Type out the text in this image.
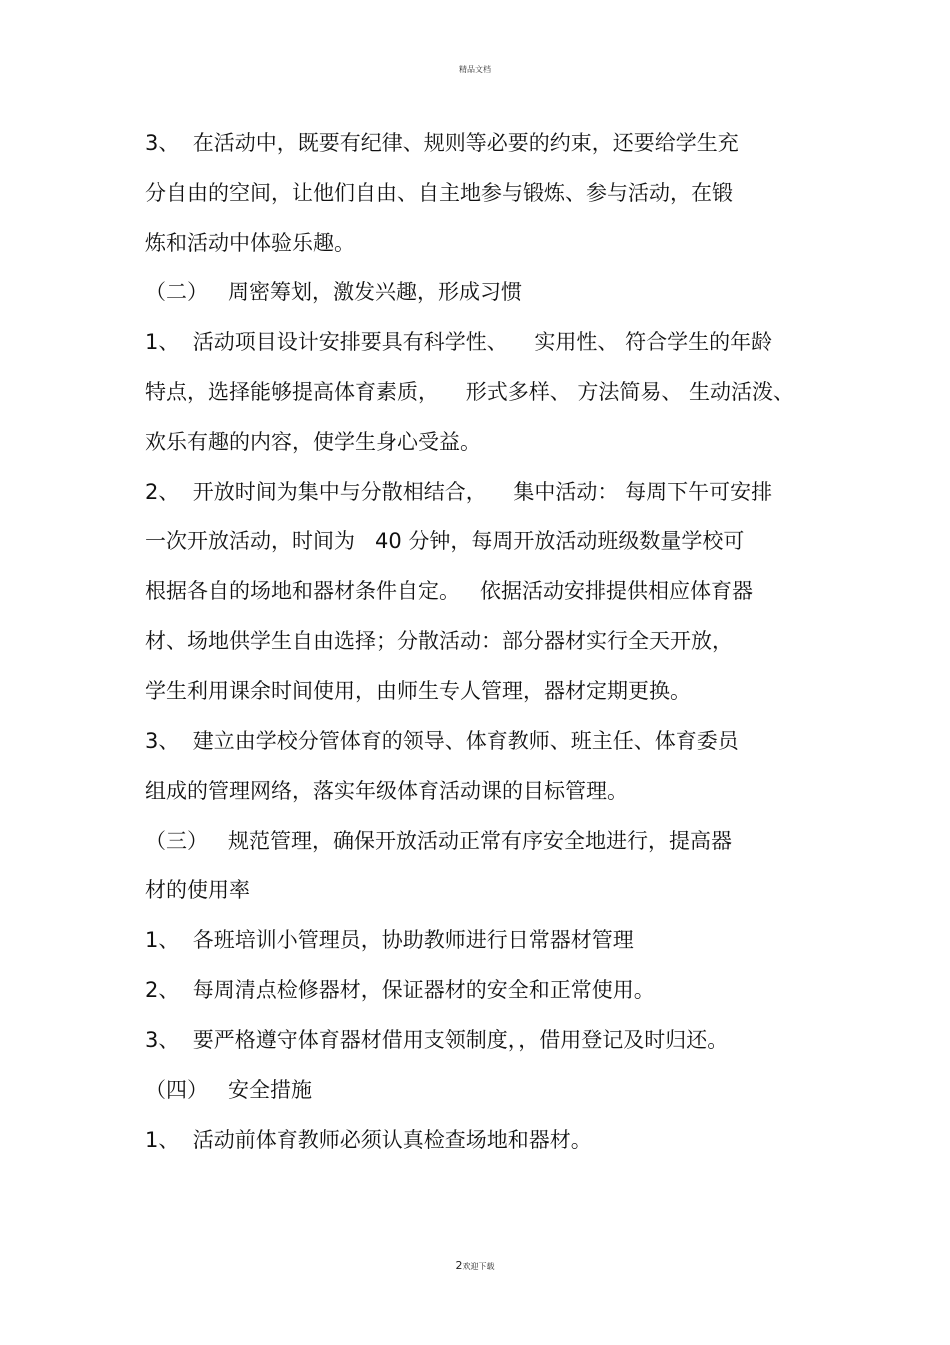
精品文档
3、  在活动中，既要有纪律、规则等必要的约束，还要给学生充
分自由的空间，让他们自由、自主地参与锻炼、参与活动，在锻
炼和活动中体验乐趣。
（二）   周密筹划，激发兴趣，形成习惯
1、  活动项目设计安排要具有科学性、    实用性、 符合学生的年龄
特点，选择能够提高体育素质，    形式多样、 方法简易、 生动活泼、
欢乐有趣的内容，使学生身心受益。
2、  开放时间为集中与分散相结合，    集中活动： 每周下午可安排
一次开放活动，时间为   40 分钟，每周开放活动班级数量学校可
根据各自的场地和器材条件自定。   依据活动安排提供相应体育器
材、场地供学生自由选择；分散活动：部分器材实行全天开放，
学生利用课余时间使用，由师生专人管理，器材定期更换。
3、  建立由学校分管体育的领导、体育教师、班主任、体育委员
组成的管理网络，落实年级体育活动课的目标管理。
（三）   规范管理，确保开放活动正常有序安全地进行，提高器
材的使用率
1、  各班培训小管理员，协助教师进行日常器材管理
2、  每周清点检修器材，保证器材的安全和正常使用。
3、  要严格遵守体育器材借用支领制度，，借用登记及时归还。
（四）   安全措施
1、  活动前体育教师必须认真检查场地和器材。
2欢迎下载
